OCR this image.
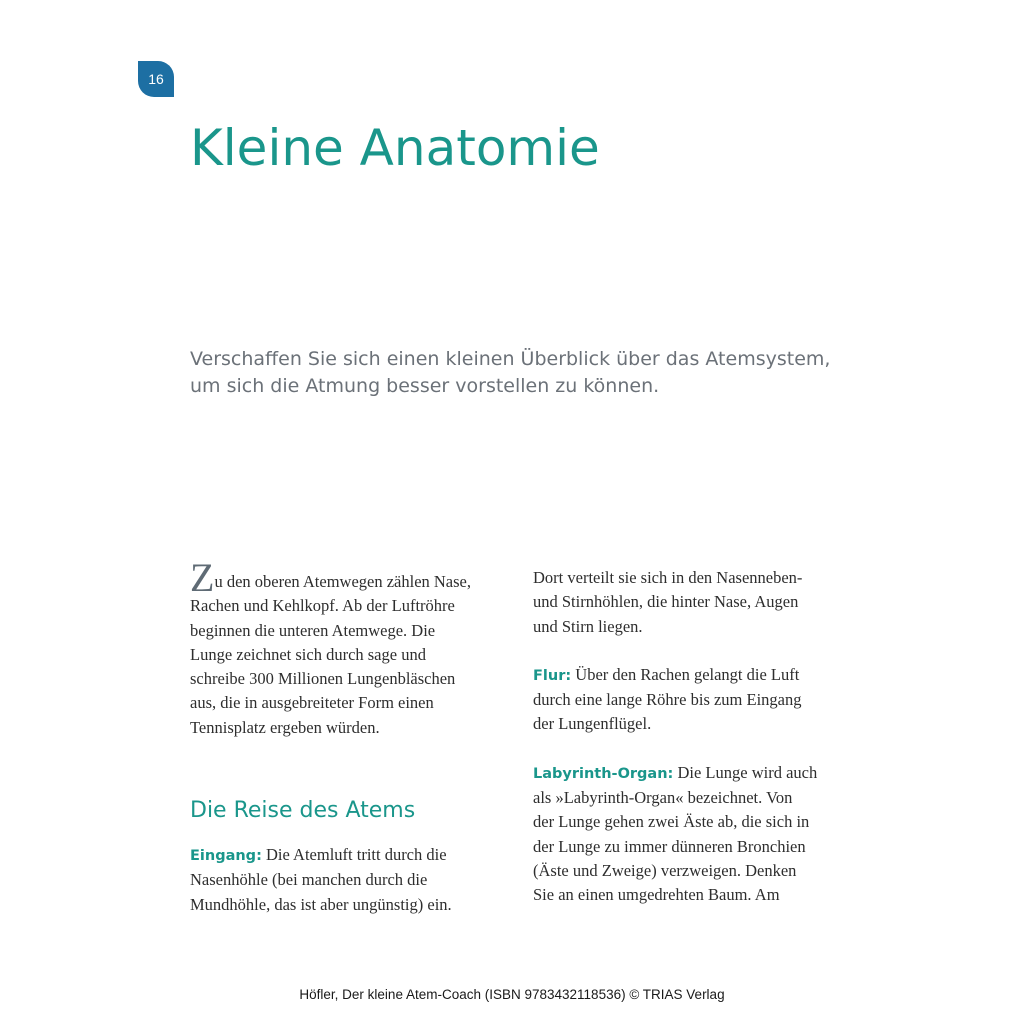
16
Kleine Anatomie

Verschaffen Sie sich einen kleinen Überblick über das Atemsystem,
um sich die Atmung besser vorstellen zu können.

Zu den oberen Atemwegen zählen Nase,
Rachen und Kehlkopf. Ab der Luftröhre
beginnen die unteren Atemwege. Die
Lunge zeichnet sich durch sage und
schreibe 300 Millionen Lungenbläschen
aus, die in ausgebreiteter Form einen
Tennisplatz ergeben würden.

Die Reise des Atems

Eingang: Die Atemluft tritt durch die
Nasenhöhle (bei manchen durch die
Mundhöhle, das ist aber ungünstig) ein.

Dort verteilt sie sich in den Nasenneben-
und Stirnhöhlen, die hinter Nase, Augen
und Stirn liegen.

Flur: Über den Rachen gelangt die Luft
durch eine lange Röhre bis zum Eingang
der Lungenflügel.

Labyrinth-Organ: Die Lunge wird auch
als »Labyrinth-Organ« bezeichnet. Von
der Lunge gehen zwei Äste ab, die sich in
der Lunge zu immer dünneren Bronchien
(Äste und Zweige) verzweigen. Denken
Sie an einen umgedrehten Baum. Am

Höfler, Der kleine Atem-Coach (ISBN 9783432118536) © TRIAS Verlag
